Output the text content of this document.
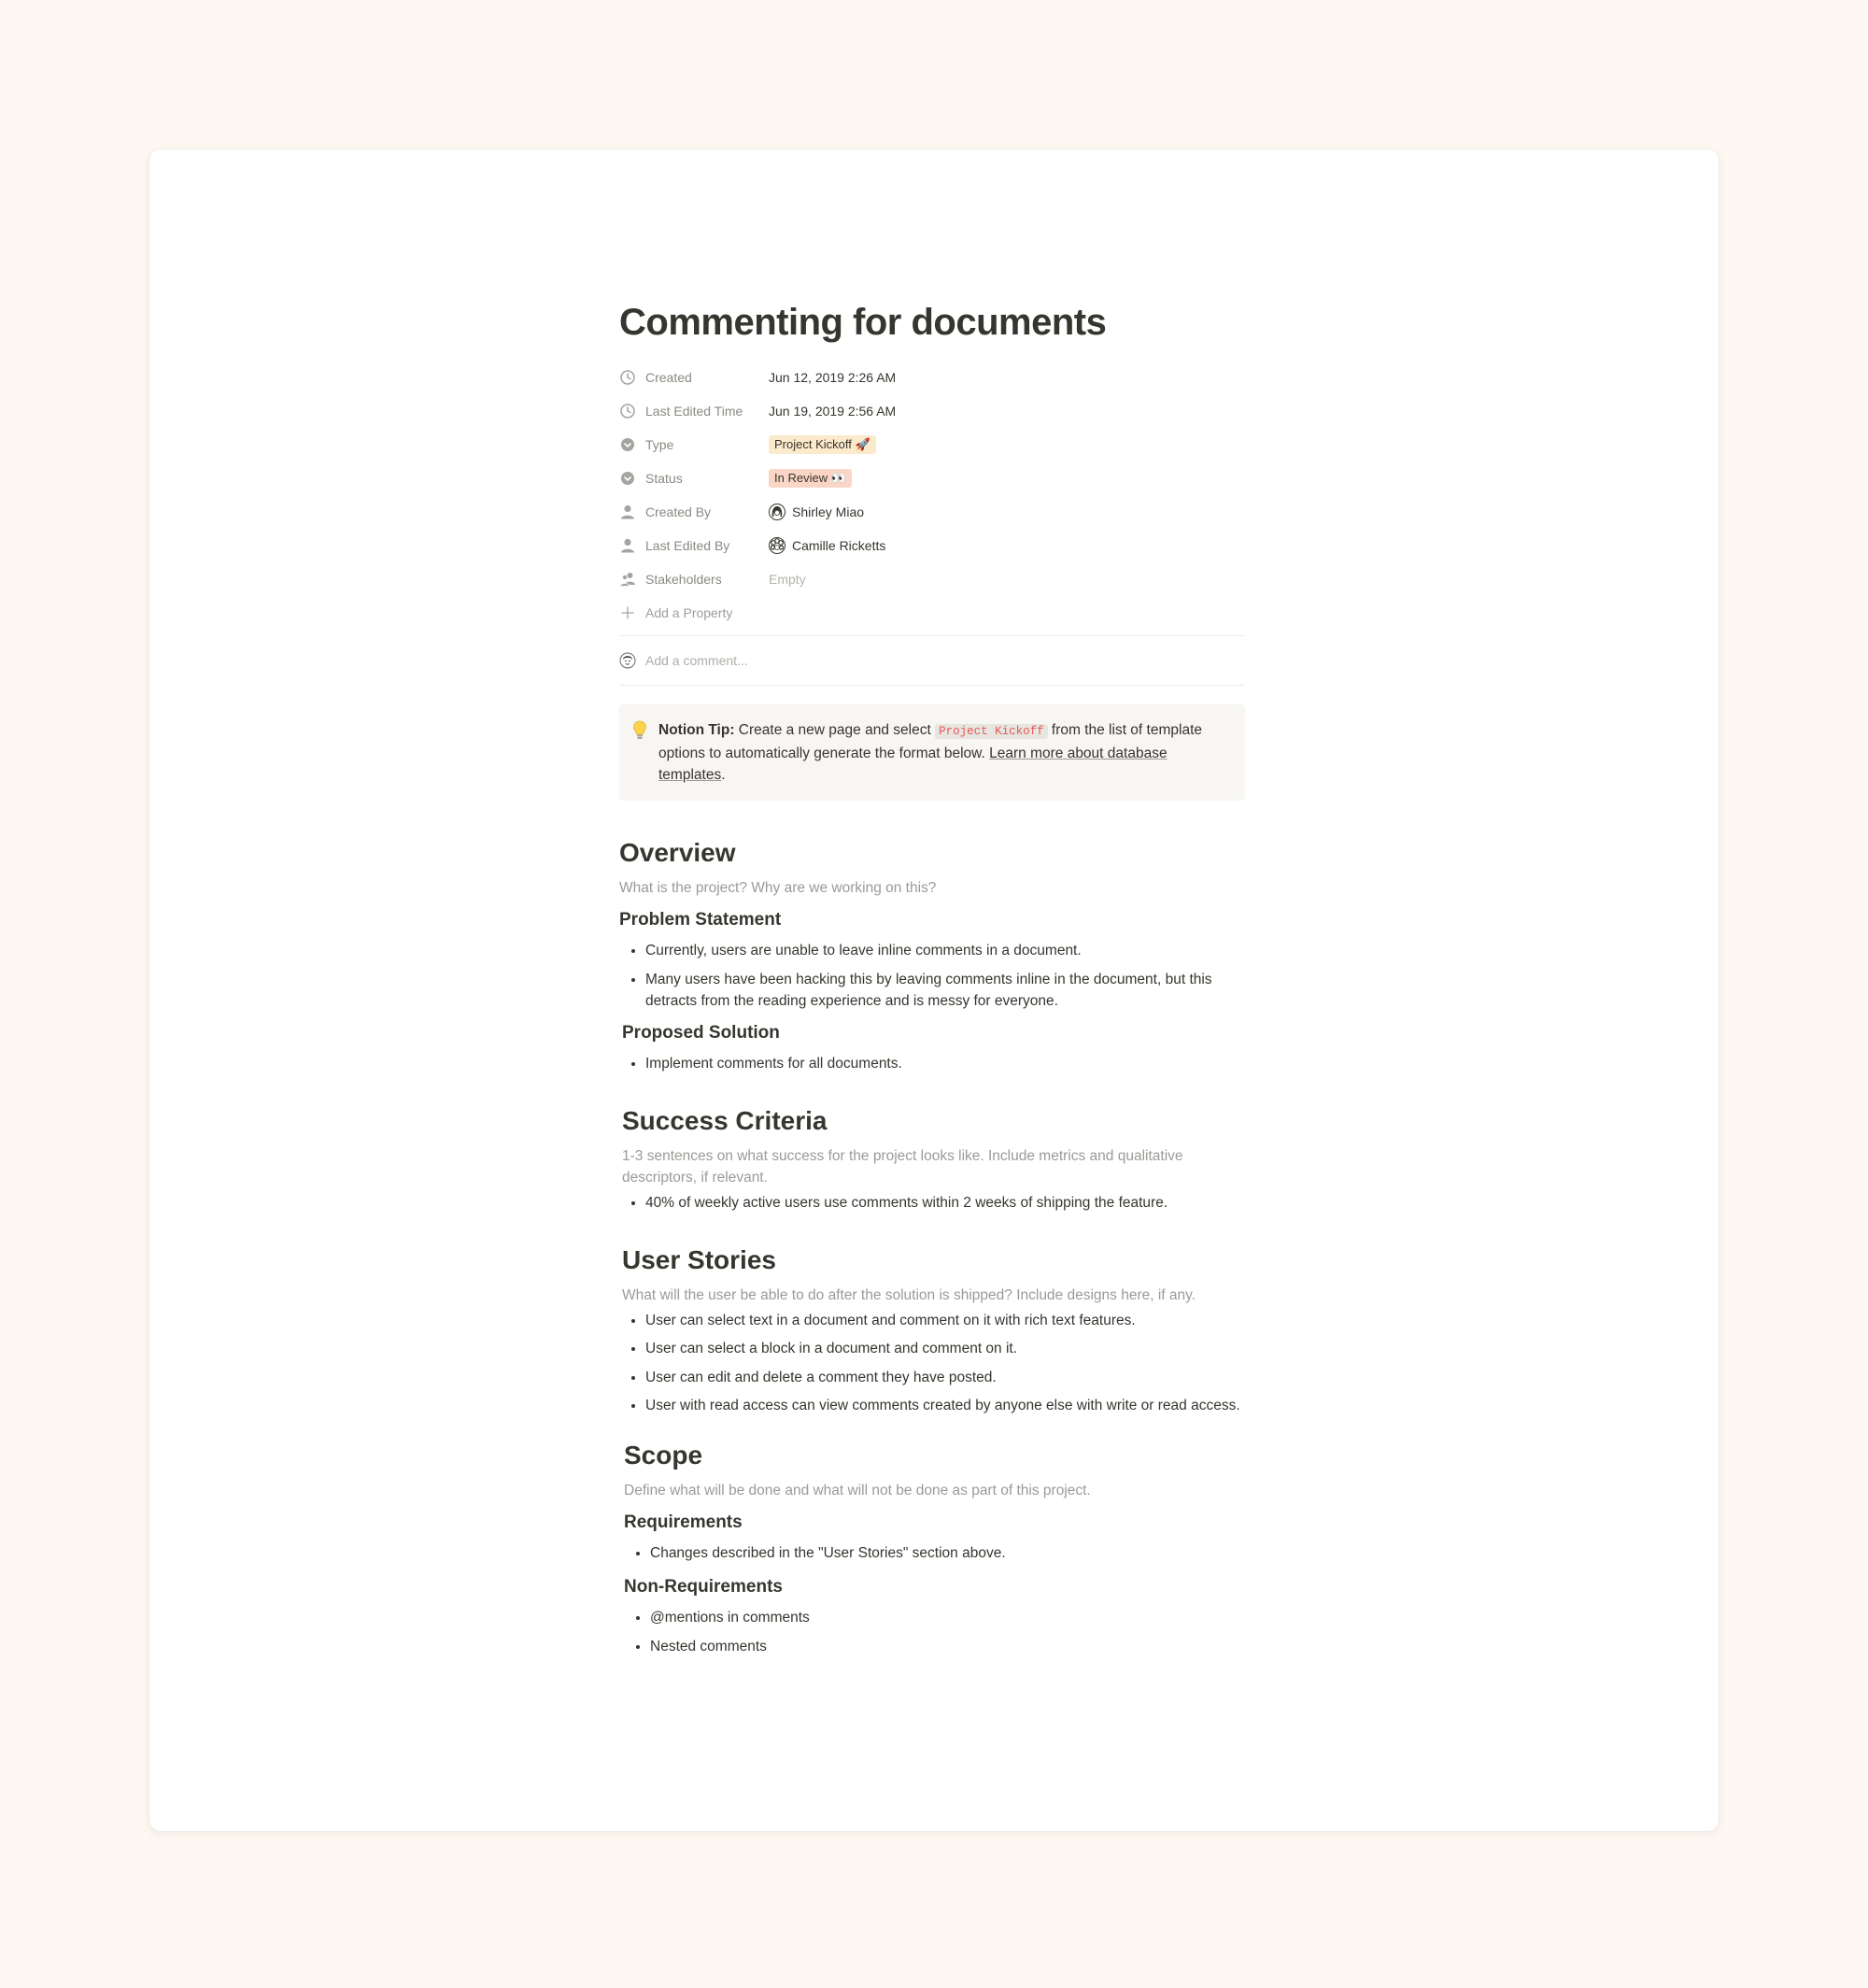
Commenting for documents
Created	Jun 12, 2019 2:26 AM
Last Edited Time Jun 19, 2019 2:56 AM
Type	Project Kickoff 🚀
Status	In Review 👀
Created By	Shirley Miao
Last Edited By	Camille Ricketts
Stakeholders	Empty
Add a Property
Add a comment...
Notion Tip: Create a new page and select Project Kickoff from the list of template options to automatically generate the format below. Learn more about database templates.
Overview

What is the project? Why are we working on this?

Problem Statement
• Currently, users are unable to leave inline comments in a document.
• Many users have been hacking this by leaving comments inline in the document, but this detracts from the reading experience and is messy for everyone.
Proposed Solution
• Implement comments for all documents.
Success Criteria

1-3 sentences on what success for the project looks like. Include metrics and qualitative descriptors, if relevant.

• 40% of weekly active users use comments within 2 weeks of shipping the feature.
User Stories

What will the user be able to do after the solution is shipped? Include designs here, if any.

• User can select text in a document and comment on it with rich text features.
• User can select a block in a document and comment on it.
• User can edit and delete a comment they have posted.
• User with read access can view comments created by anyone else with write or read access.
Scope

Define what will be done and what will not be done as part of this project.

Requirements
• Changes described in the "User Stories" section above.
Non-Requirements
• @mentions in comments
• Nested comments
